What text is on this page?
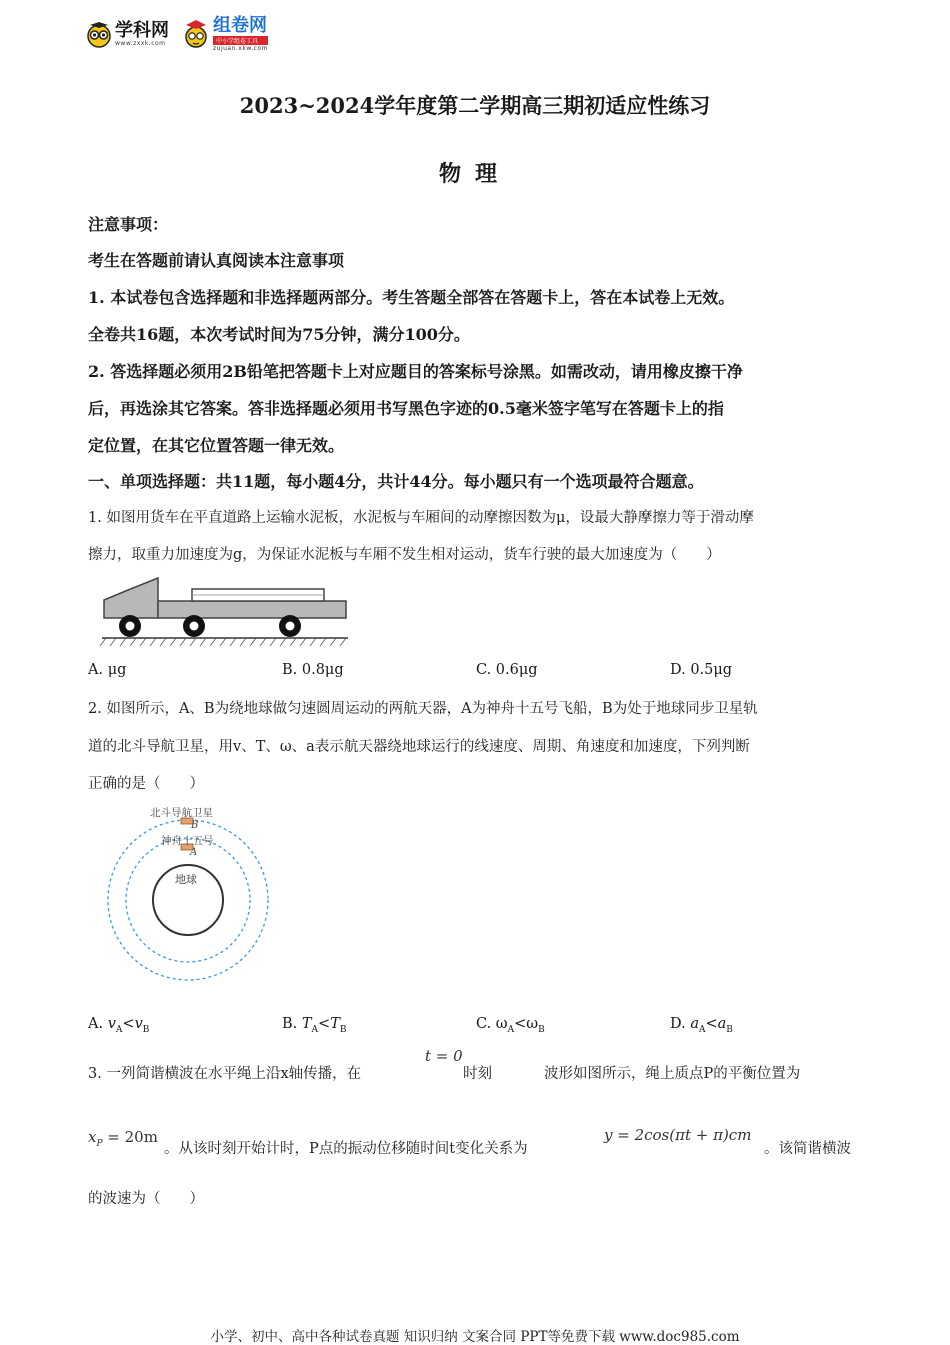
学科网
www.zxxk.com
组卷网
中小学组卷工具
zujuan.xkw.com
2023~2024学年度第二学期高三期初适应性练习
物理
注意事项：
考生在答题前请认真阅读本注意事项
1. 本试卷包含选择题和非选择题两部分。考生答题全部答在答题卡上，答在本试卷上无效。
全卷共16题，本次考试时间为75分钟，满分100分。
2. 答选择题必须用2B铅笔把答题卡上对应题目的答案标号涂黑。如需改动，请用橡皮擦干净
后，再选涂其它答案。答非选择题必须用书写黑色字迹的0.5毫米签字笔写在答题卡上的指
定位置，在其它位置答题一律无效。
一、单项选择题：共11题，每小题4分，共计44分。每小题只有一个选项最符合题意。
1. 如图用货车在平直道路上运输水泥板，水泥板与车厢间的动摩擦因数为μ，设最大静摩擦力等于滑动摩
擦力，取重力加速度为g，为保证水泥板与车厢不发生相对运动，货车行驶的最大加速度为（　　）
A. μg	B. 0.8μg	C. 0.6μg	D. 0.5μg
2. 如图所示，A、B为绕地球做匀速圆周运动的两航天器，A为神舟十五号飞船，B为处于地球同步卫星轨
道的北斗导航卫星，用v、T、ω、a表示航天器绕地球运行的线速度、周期、角速度和加速度，下列判断
正确的是（　　）
北斗导航卫星
B
神舟十五号
A
地球
A. $v_A<v_B$	B. $T_A<T_B$	C. $\omega_A<\omega_B$	D. $a_A<a_B$
3. 一列简谐横波在水平绳上沿x轴传播，在
t = 0
时刻	波形如图所示，绳上质点P的平衡位置为
$x_P = 20m$
。从该时刻开始计时，P点的振动位移随时间t变化关系为
y = 2cos(πt + π)cm
。该简谐横波
的波速为（　　）
小学、初中、高中各种试卷真题 知识归纳 文案合同 PPT等免费下载 www.doc985.com
